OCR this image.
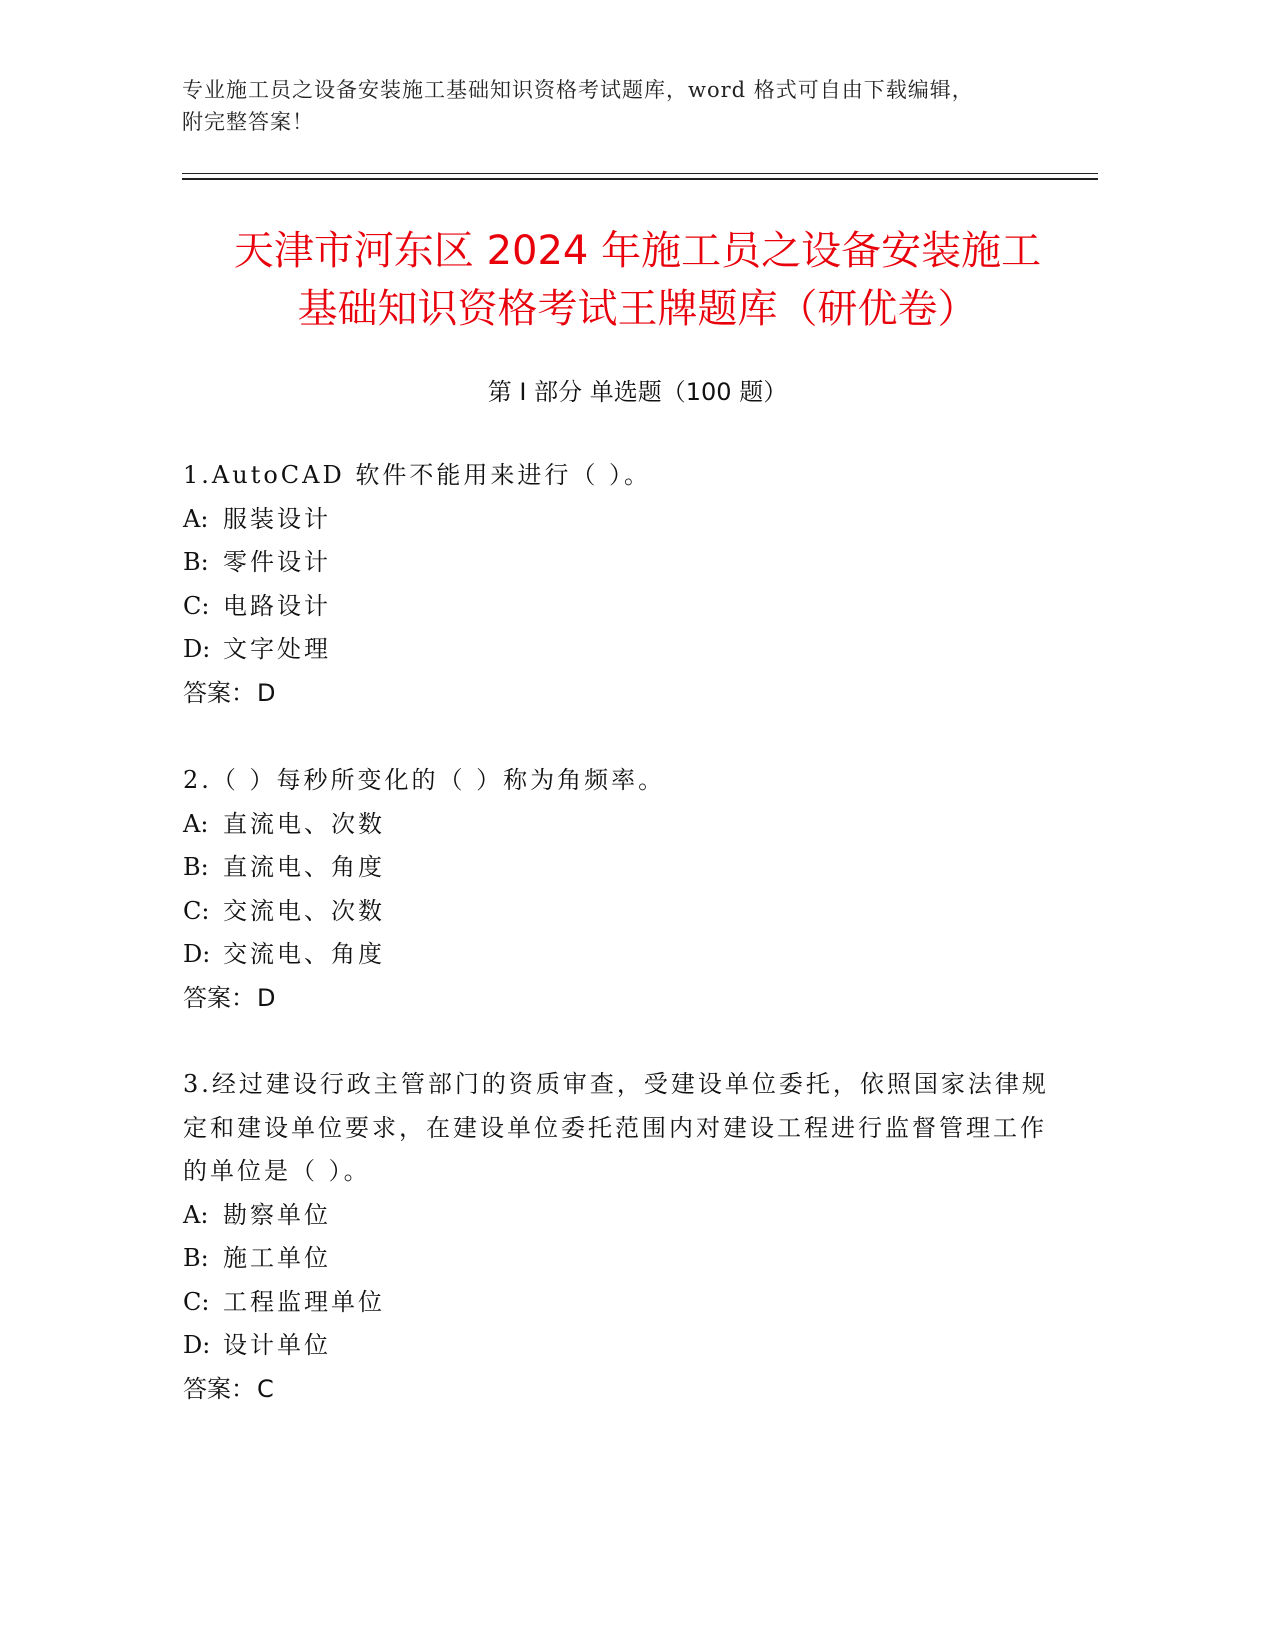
专业施工员之设备安装施工基础知识资格考试题库，word 格式可自由下载编辑，
附完整答案！
天津市河东区 2024 年施工员之设备安装施工
基础知识资格考试王牌题库（研优卷）
第 I 部分 单选题（100 题）
1.AutoCAD 软件不能用来进行（ ）。
A: 服装设计
B: 零件设计
C: 电路设计
D: 文字处理
答案：D
2.（ ）每秒所变化的（ ）称为角频率。
A: 直流电、次数
B: 直流电、角度
C: 交流电、次数
D: 交流电、角度
答案：D
3.经过建设行政主管部门的资质审查，受建设单位委托，依照国家法律规定和建设单位要求，在建设单位委托范围内对建设工程进行监督管理工作的单位是（ ）。
A: 勘察单位
B: 施工单位
C: 工程监理单位
D: 设计单位
答案：C
